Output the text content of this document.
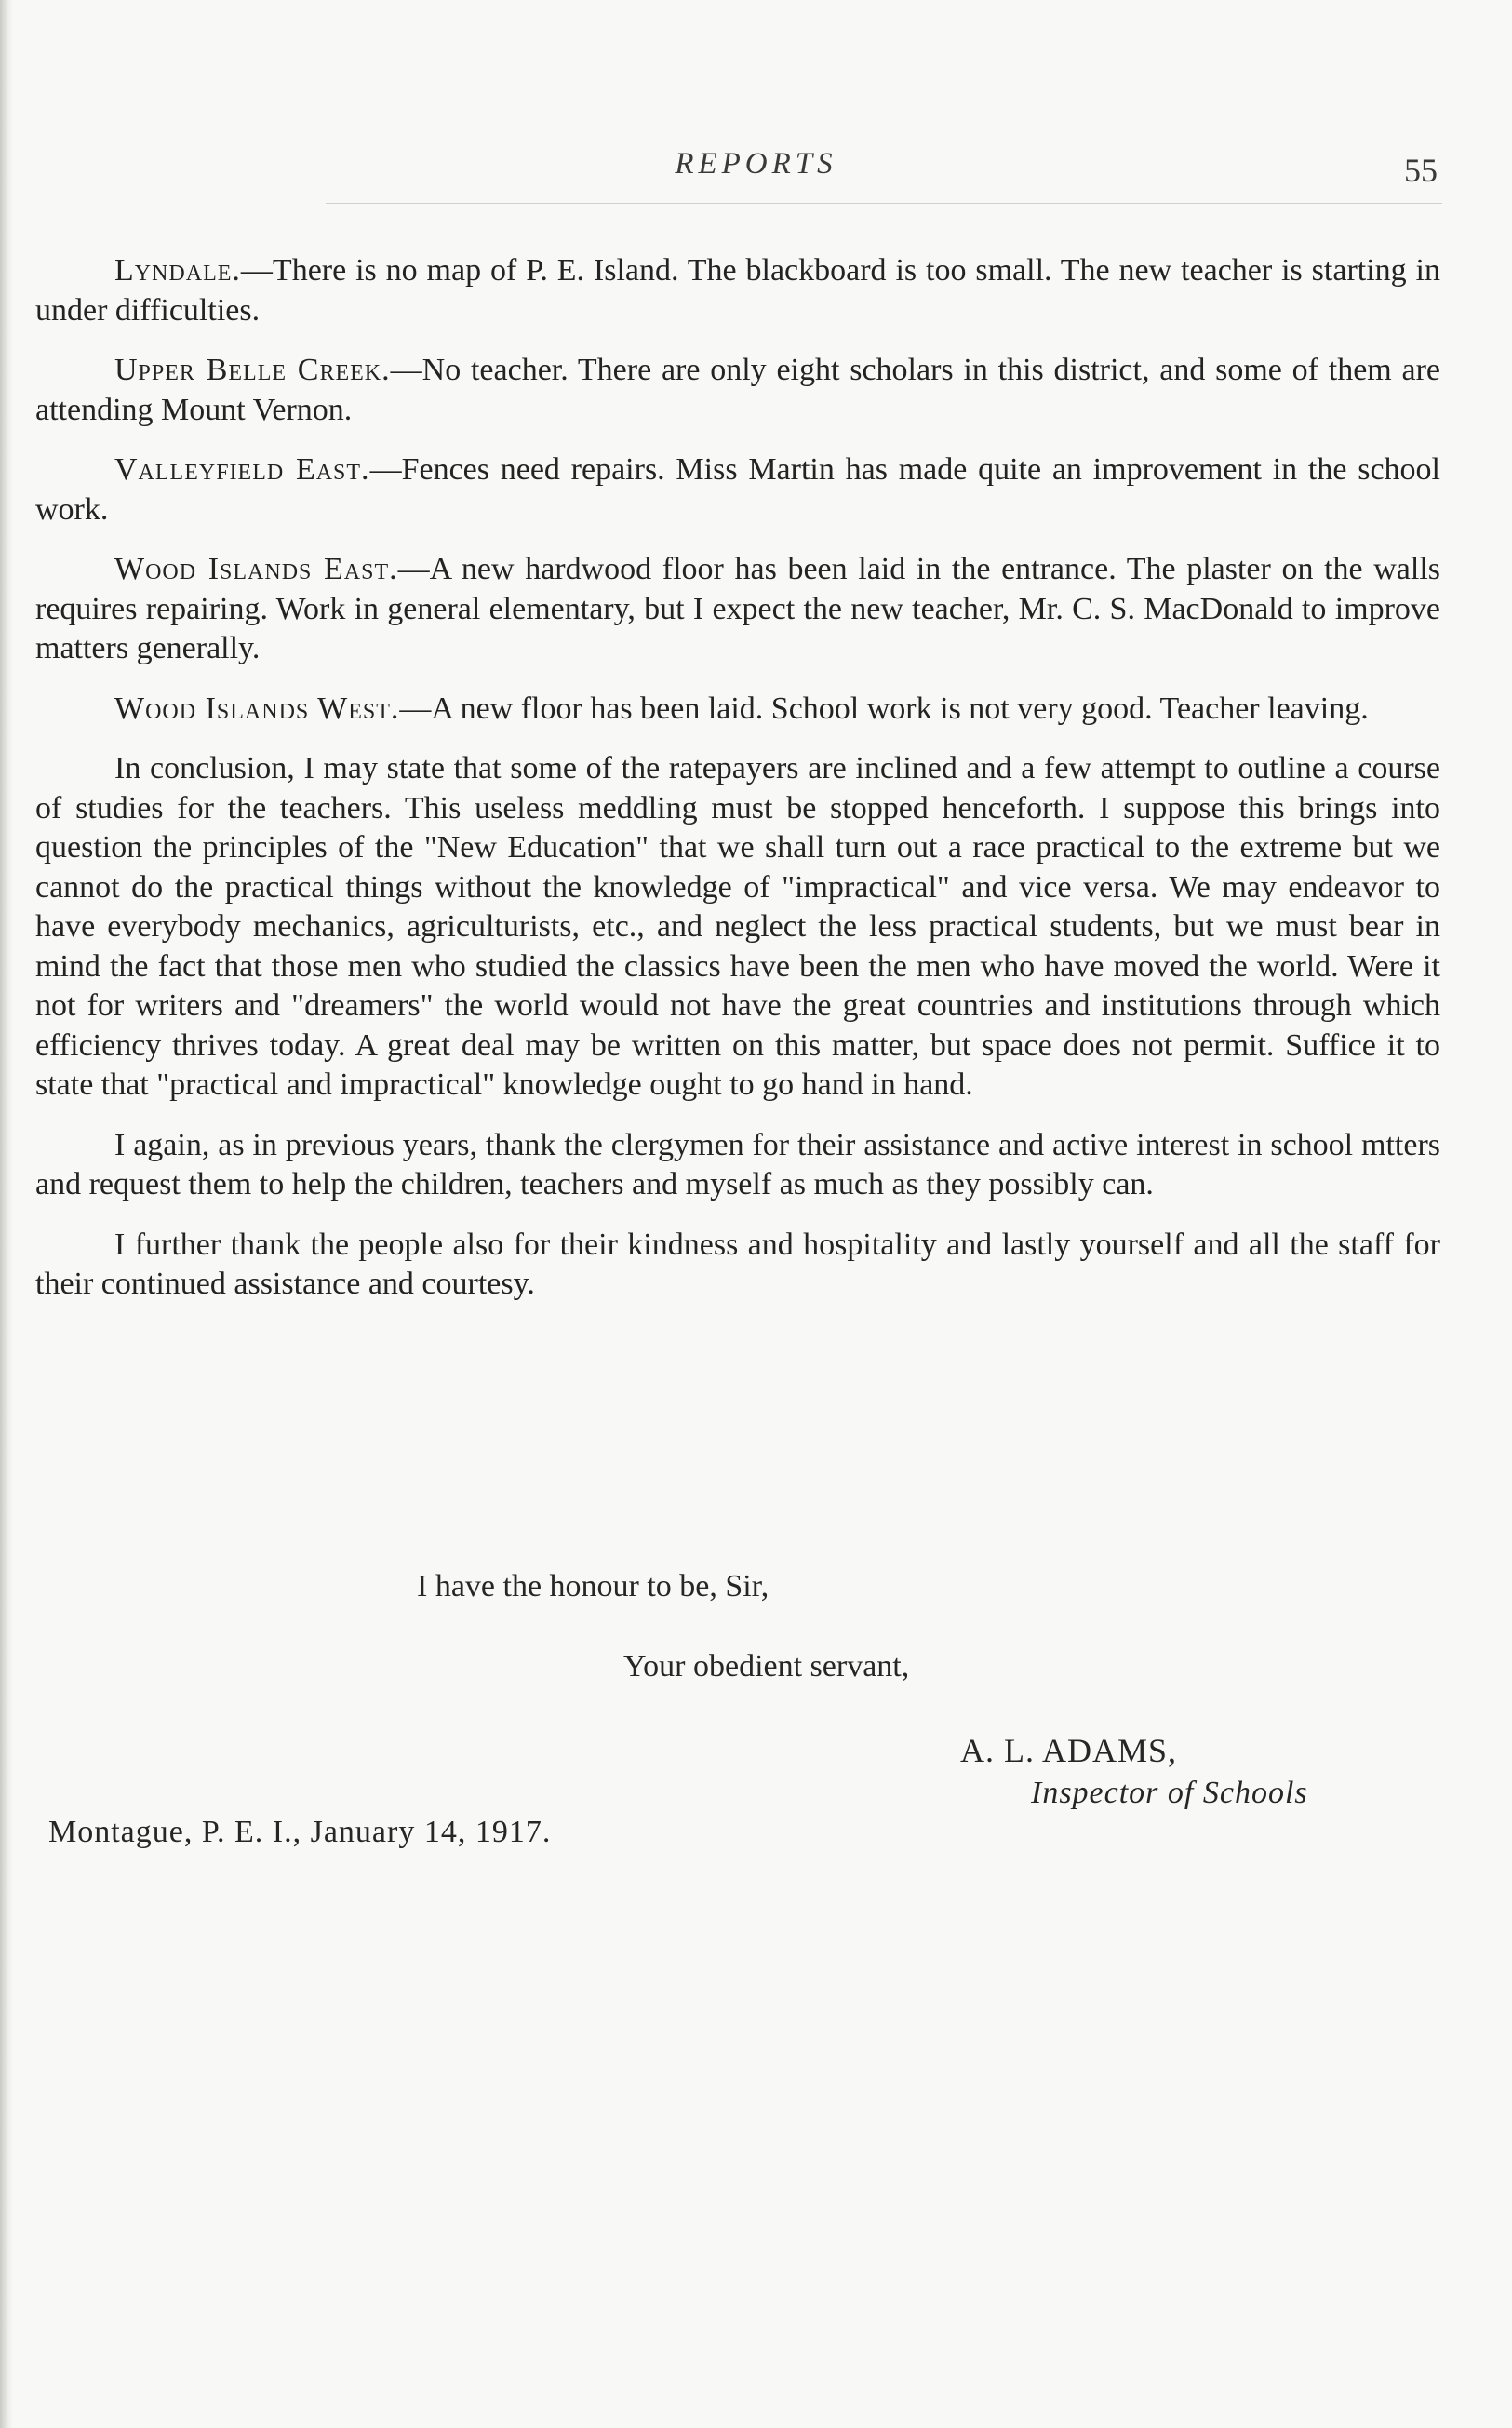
REPORTS	55

Lyndale.—There is no map of P. E. Island. The blackboard is too small. The new teacher is starting in under difficulties.

Upper Belle Creek.—No teacher. There are only eight scholars in this district, and some of them are attending Mount Vernon.

Valleyfield East.—Fences need repairs. Miss Martin has made quite an improvement in the school work.

Wood Islands East.—A new hardwood floor has been laid in the entrance. The plaster on the walls requires repairing. Work in general elementary, but I expect the new teacher, Mr. C. S. MacDonald to improve matters generally.

Wood Islands West.—A new floor has been laid. School work is not very good. Teacher leaving.

In conclusion, I may state that some of the ratepayers are inclined and a few attempt to outline a course of studies for the teachers. This useless meddling must be stopped henceforth. I suppose this brings into question the principles of the "New Education" that we shall turn out a race practical to the extreme but we cannot do the practical things without the knowledge of "impractical" and vice versa. We may endeavor to have everybody mechanics, agriculturists, etc., and neglect the less practical students, but we must bear in mind the fact that those men who studied the classics have been the men who have moved the world. Were it not for writers and "dreamers" the world would not have the great countries and institutions through which efficiency thrives today. A great deal may be written on this matter, but space does not permit. Suffice it to state that "practical and impractical" knowledge ought to go hand in hand.

I again, as in previous years, thank the clergymen for their assistance and active interest in school mtters and request them to help the children, teachers and myself as much as they possibly can.

I further thank the people also for their kindness and hospitality and lastly yourself and all the staff for their continued assistance and courtesy.

I have the honour to be, Sir,
Your obedient servant,
A. L. ADAMS,
Inspector of Schools
Montague, P. E. I., January 14, 1917.
